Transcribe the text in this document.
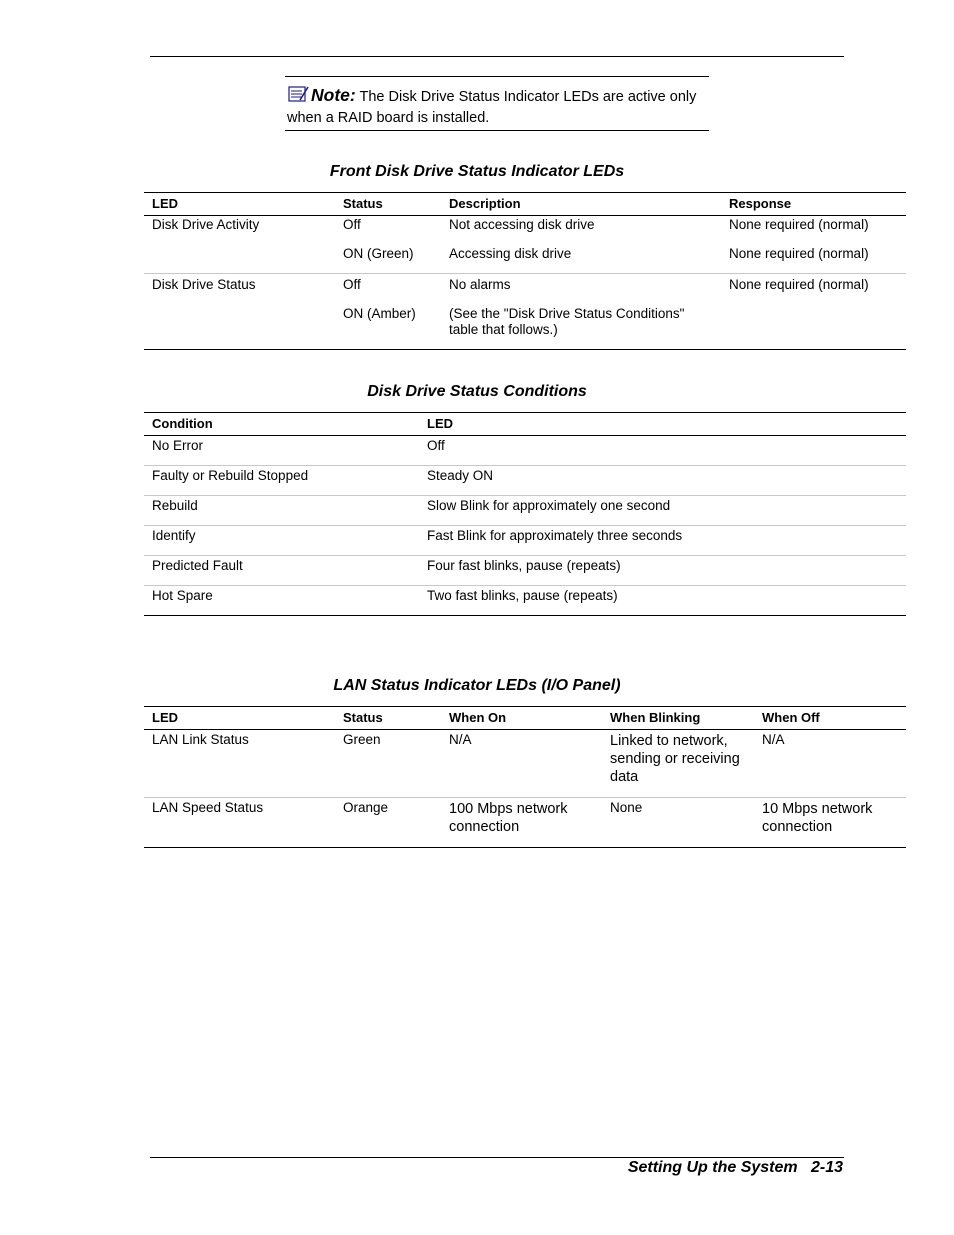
Note: The Disk Drive Status Indicator LEDs are active only when a RAID board is installed.
Front Disk Drive Status Indicator LEDs
LED	Status	Description	Response
Disk Drive Activity	Off	Not accessing disk drive	None required (normal)
	ON (Green)	Accessing disk drive	None required (normal)
Disk Drive Status	Off	No alarms	None required (normal)
	ON (Amber)	(See the "Disk Drive Status Conditions" table that follows.)	
Disk Drive Status Conditions
Condition	LED
No Error	Off
Faulty or Rebuild Stopped	Steady ON
Rebuild	Slow Blink for approximately one second
Identify	Fast Blink for approximately three seconds
Predicted Fault	Four fast blinks, pause (repeats)
Hot Spare	Two fast blinks, pause (repeats)
LAN Status Indicator LEDs (I/O Panel)
LED	Status	When On	When Blinking	When Off
LAN Link Status	Green	N/A	Linked to network, sending or receiving data	N/A
LAN Speed Status	Orange	100 Mbps network connection	None	10 Mbps network connection
Setting Up the System 2-13
